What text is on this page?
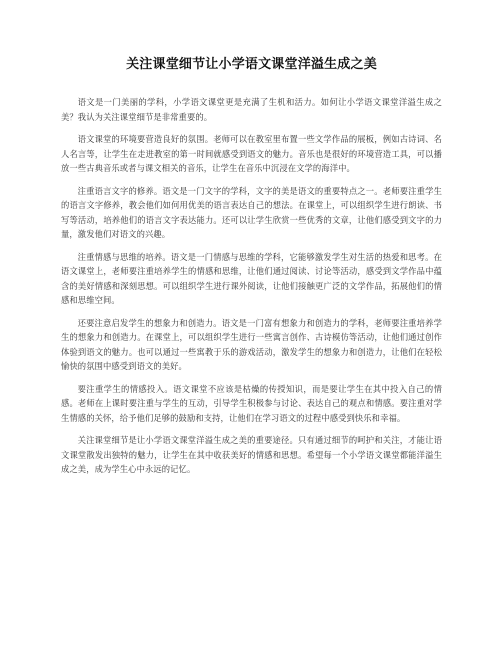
关注课堂细节让小学语文课堂洋溢生成之美

语文是一门美丽的学科，小学语文课堂更是充满了生机和活力。如何让小学语文课堂洋溢生成之美？我认为关注课堂细节是非常重要的。

语文课堂的环境要营造良好的氛围。老师可以在教室里布置一些文学作品的展板，例如古诗词、名人名言等，让学生在走进教室的第一时间就感受到语文的魅力。音乐也是很好的环境营造工具，可以播放一些古典音乐或者与课文相关的音乐，让学生在音乐中沉浸在文学的海洋中。

注重语言文字的修养。语文是一门文字的学科，文字的美是语文的重要特点之一。老师要注重学生的语言文字修养，教会他们如何用优美的语言表达自己的想法。在课堂上，可以组织学生进行朗读、书写等活动，培养他们的语言文字表达能力。还可以让学生欣赏一些优秀的文章，让他们感受到文字的力量，激发他们对语文的兴趣。

注重情感与思维的培养。语文是一门情感与思维的学科，它能够激发学生对生活的热爱和思考。在语文课堂上，老师要注重培养学生的情感和思维，让他们通过阅读、讨论等活动，感受到文学作品中蕴含的美好情感和深刻思想。可以组织学生进行课外阅读，让他们接触更广泛的文学作品，拓展他们的情感和思维空间。

还要注意启发学生的想象力和创造力。语文是一门富有想象力和创造力的学科，老师要注重培养学生的想象力和创造力。在课堂上，可以组织学生进行一些寓言创作、古诗模仿等活动，让他们通过创作体验到语文的魅力。也可以通过一些寓教于乐的游戏活动，激发学生的想象力和创造力，让他们在轻松愉快的氛围中感受到语文的美好。

要注重学生的情感投入。语文课堂不应该是枯燥的传授知识，而是要让学生在其中投入自己的情感。老师在上课时要注重与学生的互动，引导学生积极参与讨论、表达自己的观点和情感。要注重对学生情感的关怀，给予他们足够的鼓励和支持，让他们在学习语文的过程中感受到快乐和幸福。

关注课堂细节是让小学语文课堂洋溢生成之美的重要途径。只有通过细节的呵护和关注，才能让语文课堂散发出独特的魅力，让学生在其中收获美好的情感和思想。希望每一个小学语文课堂都能洋溢生成之美，成为学生心中永远的记忆。
